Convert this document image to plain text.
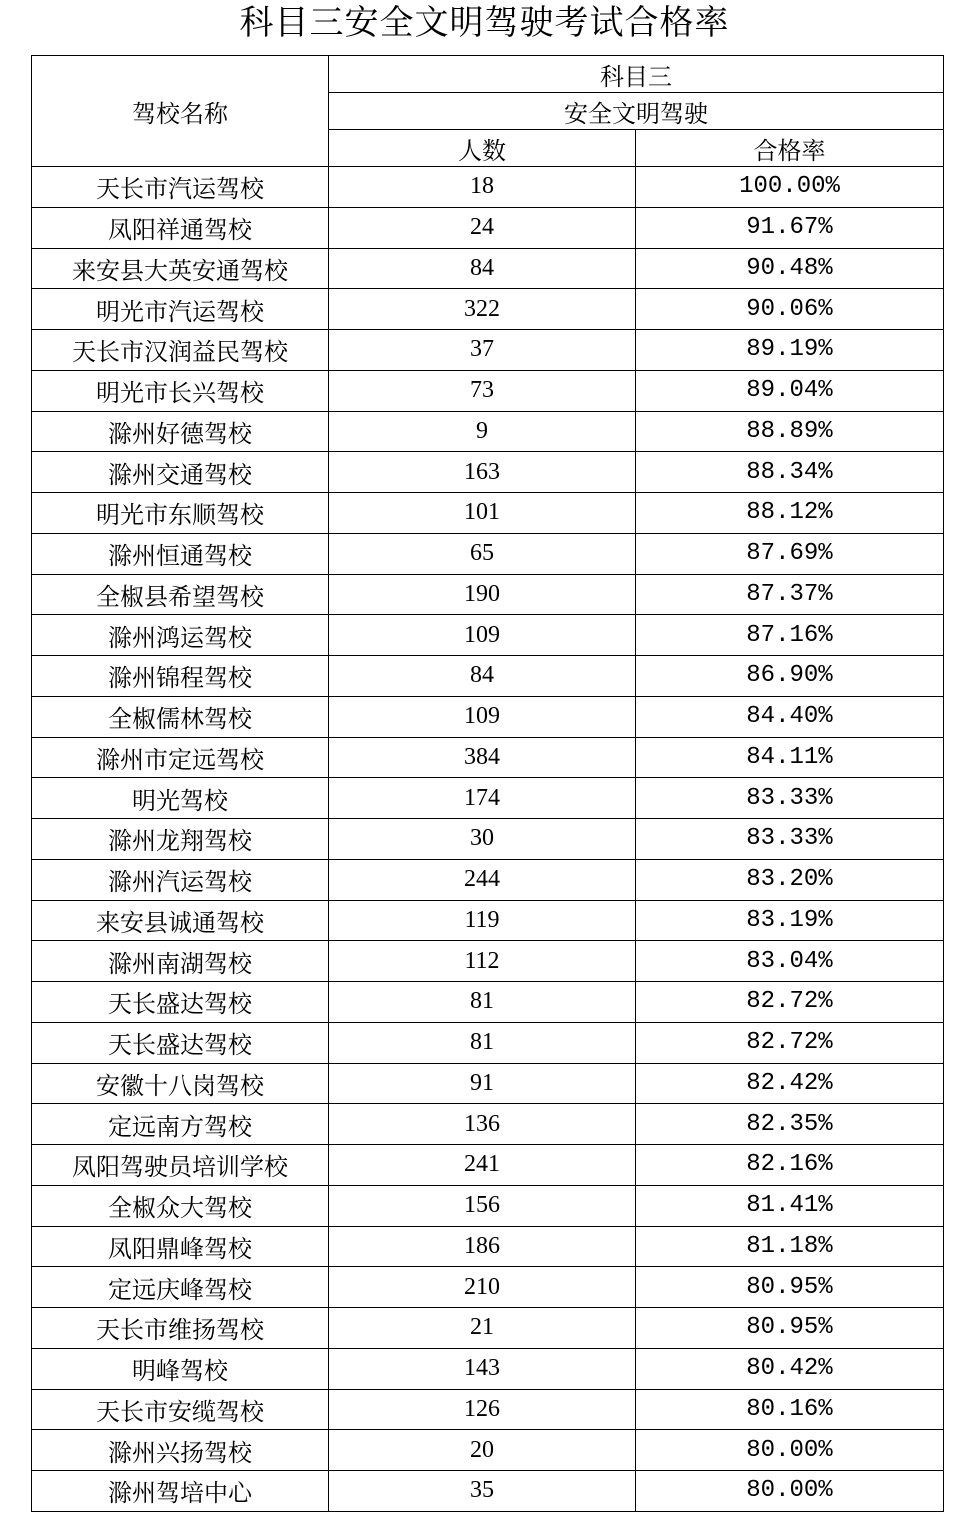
科目三安全文明驾驶考试合格率
驾校名称	科目三	
	安全文明驾驶	
	人数	合格率
天长市汽运驾校	18	100.00%
凤阳祥通驾校	24	91.67%
来安县大英安通驾校	84	90.48%
明光市汽运驾校	322	90.06%
天长市汉润益民驾校	37	89.19%
明光市长兴驾校	73	89.04%
滁州好德驾校	9	88.89%
滁州交通驾校	163	88.34%
明光市东顺驾校	101	88.12%
滁州恒通驾校	65	87.69%
全椒县希望驾校	190	87.37%
滁州鸿运驾校	109	87.16%
滁州锦程驾校	84	86.90%
全椒儒林驾校	109	84.40%
滁州市定远驾校	384	84.11%
明光驾校	174	83.33%
滁州龙翔驾校	30	83.33%
滁州汽运驾校	244	83.20%
来安县诚通驾校	119	83.19%
滁州南湖驾校	112	83.04%
天长盛达驾校	81	82.72%
天长盛达驾校	81	82.72%
安徽十八岗驾校	91	82.42%
定远南方驾校	136	82.35%
凤阳驾驶员培训学校	241	82.16%
全椒众大驾校	156	81.41%
凤阳鼎峰驾校	186	81.18%
定远庆峰驾校	210	80.95%
天长市维扬驾校	21	80.95%
明峰驾校	143	80.42%
天长市安缆驾校	126	80.16%
滁州兴扬驾校	20	80.00%
滁州驾培中心	35	80.00%
